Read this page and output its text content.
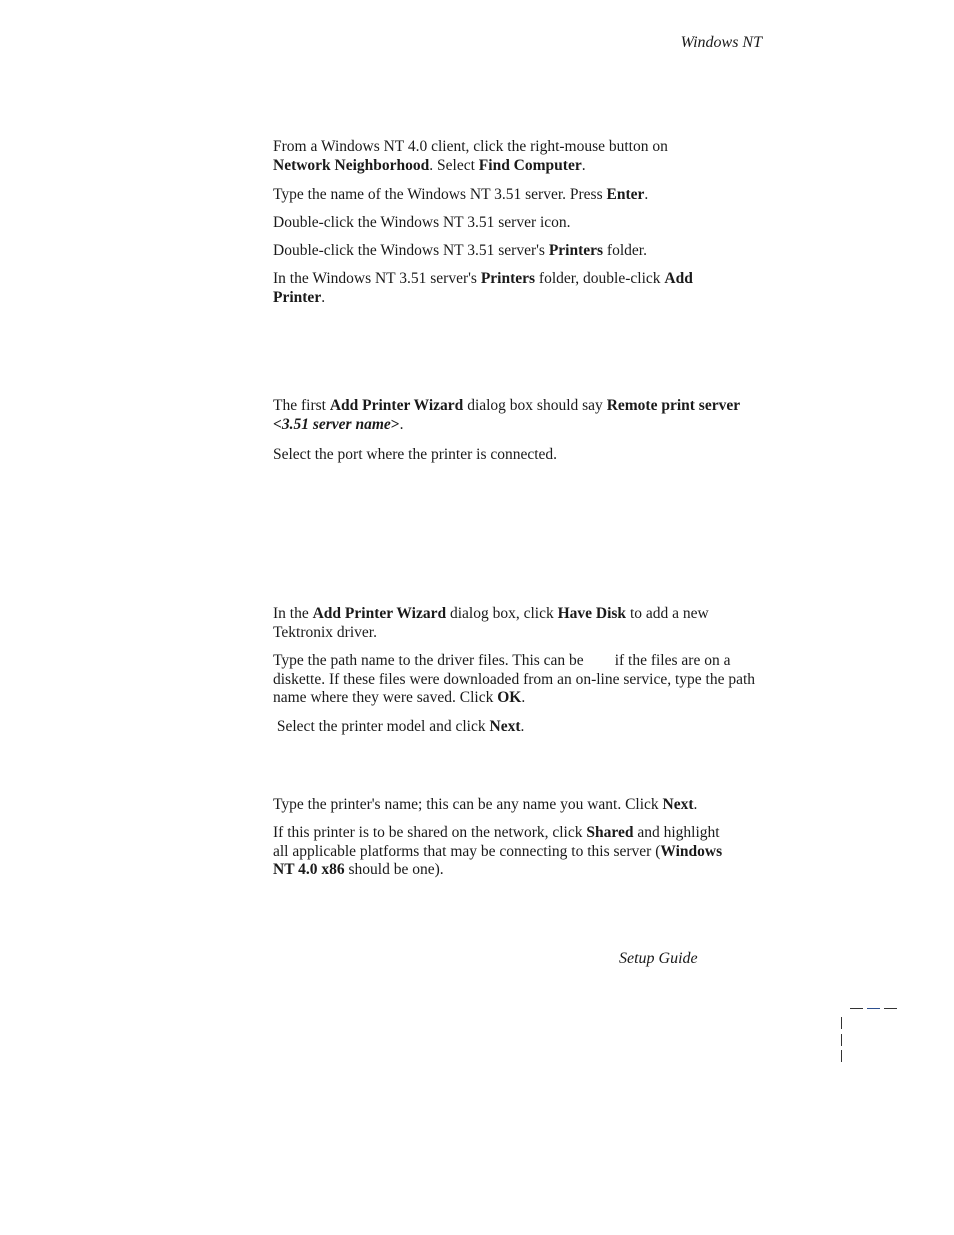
Windows NT
From a Windows NT 4.0 client, click the right-mouse button on Network Neighborhood. Select Find Computer.
Type the name of the Windows NT 3.51 server. Press Enter.
Double-click the Windows NT 3.51 server icon.
Double-click the Windows NT 3.51 server's Printers folder.
In the Windows NT 3.51 server's Printers folder, double-click Add Printer.
The first Add Printer Wizard dialog box should say Remote print server <3.51 server name>.
Select the port where the printer is connected.
In the Add Printer Wizard dialog box, click Have Disk to add a new Tektronix driver.
Type the path name to the driver files. This can be if the files are on a diskette. If these files were downloaded from an on-line service, type the path name where they were saved. Click OK.
Select the printer model and click Next.
Type the printer's name; this can be any name you want. Click Next.
If this printer is to be shared on the network, click Shared and highlight all applicable platforms that may be connecting to this server (Windows NT 4.0 x86 should be one).
Setup Guide
